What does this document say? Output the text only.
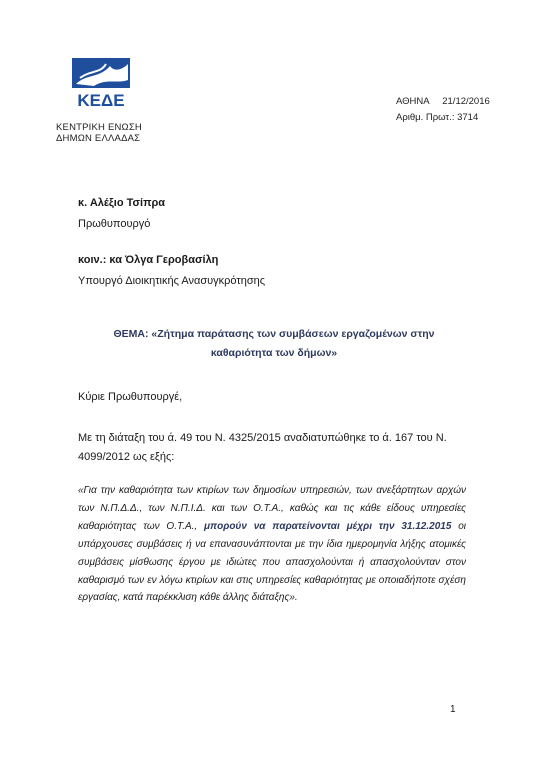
ΚΕΔΕ
ΚΕΝΤΡΙΚΗ ΕΝΩΣΗ
ΔΗΜΩΝ ΕΛΛΑΔΑΣ
ΑΘΗΝΑ 21/12/2016
Αριθμ. Πρωτ.: 3714
κ. Αλέξιο Τσίπρα
Πρωθυπουργό
κοιν.: κα Όλγα Γεροβασίλη
Υπουργό Διοικητικής Ανασυγκρότησης
ΘΕΜΑ: «Ζήτημα παράτασης των συμβάσεων εργαζομένων στην
καθαριότητα των δήμων»
Κύριε Πρωθυπουργέ,
Με τη διάταξη του ά. 49 του Ν. 4325/2015 αναδιατυπώθηκε το ά. 167 του Ν.
4099/2012 ως εξής:
«Για την καθαριότητα των κτιρίων των δημοσίων υπηρεσιών, των ανεξάρτητων αρχών των Ν.Π.Δ.Δ., των Ν.Π.Ι.Δ. και των Ο.Τ.Α., καθώς και τις κάθε είδους υπηρεσίες καθαριότητας των Ο.Τ.Α., μπορούν να παρατείνονται μέχρι την 31.12.2015 οι υπάρχουσες συμβάσεις ή να επανασυνάπτονται με την ίδια ημερομηνία λήξης ατομικές συμβάσεις μίσθωσης έργου με ιδιώτες που απασχολούνται ή απασχολούνταν στον καθαρισμό των εν λόγω κτιρίων και στις υπηρεσίες καθαριότητας με οποιαδήποτε σχέση εργασίας, κατά παρέκκλιση κάθε άλλης διάταξης».
1
